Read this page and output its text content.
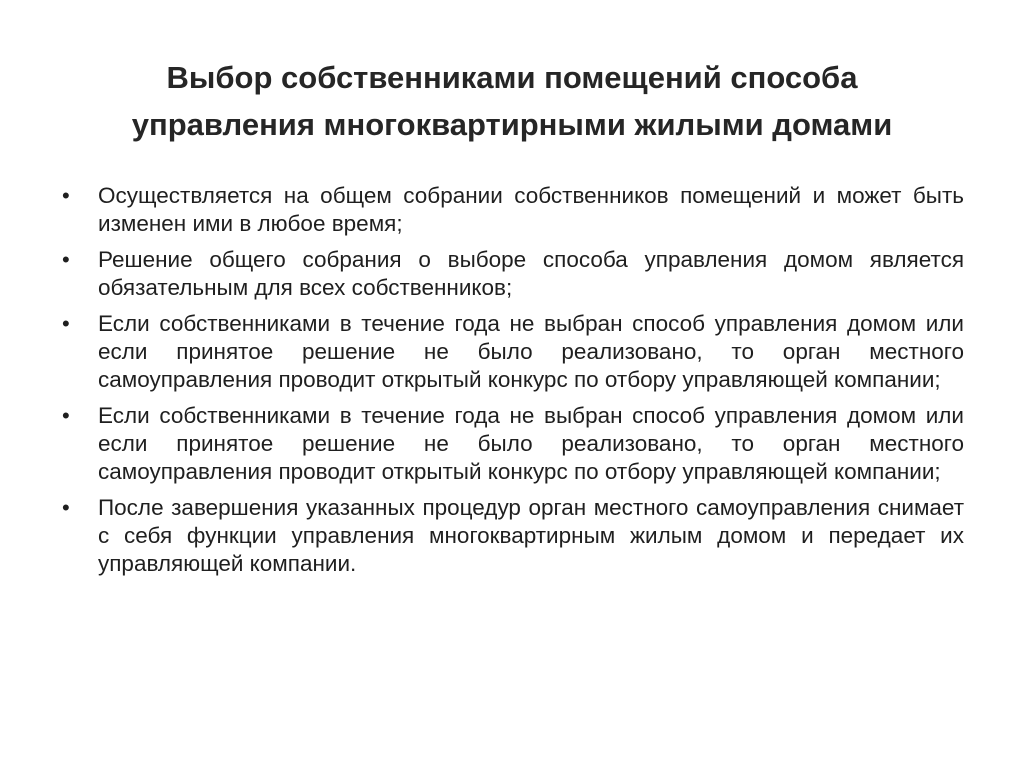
Выбор собственниками помещений способа
управления многоквартирными жилыми домами
•	Осуществляется на общем собрании собственников помещений и может быть изменен ими в любое время;
•	Решение общего собрания о выборе способа управления домом является обязательным для всех собственников;
•	Если собственниками в течение года не выбран способ управления домом или если принятое решение не было реализовано, то орган местного самоуправления проводит открытый конкурс по отбору управляющей компании;
•	Если собственниками в течение года не выбран способ управления домом или если принятое решение не было реализовано, то орган местного самоуправления проводит открытый конкурс по отбору управляющей компании;
•	После завершения указанных процедур орган местного самоуправления снимает с себя функции управления многоквартирным жилым домом и передает их управляющей компании.
